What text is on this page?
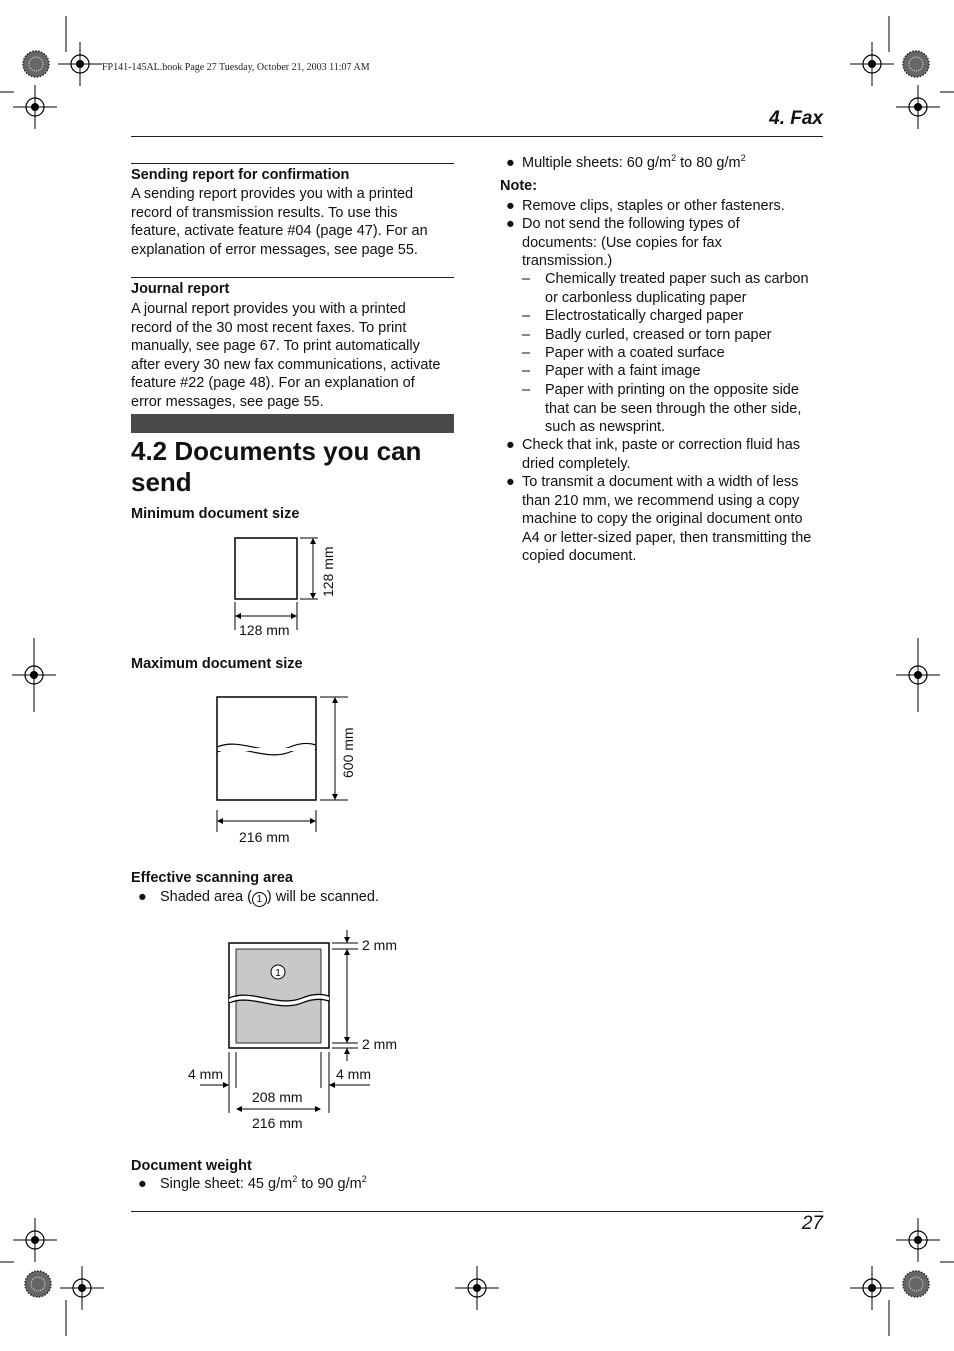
FP141-145AL.book Page 27 Tuesday, October 21, 2003 11:07 AM
4. Fax
Sending report for confirmation
A sending report provides you with a printed
record of transmission results. To use this
feature, activate feature #04 (page 47). For an
explanation of error messages, see page 55.
Journal report
A journal report provides you with a printed
record of the 30 most recent faxes. To print
manually, see page 67. To print automatically
after every 30 new fax communications, activate
feature #22 (page 48). For an explanation of
error messages, see page 55.
4.2 Documents you can
send
Minimum document size
128 mm
128 mm
Maximum document size
216 mm
600 mm
Effective scanning area
● Shaded area ( 1 ) will be scanned.
1
2 mm
2 mm
4 mm	4 mm
208 mm
216 mm
Document weight
● Single sheet: 45 $g/m^2$ to 90 $g/m^2$
● Multiple sheets: 60 $g/m^2$ to 80 $g/m^2$
Note:
● Remove clips, staples or other fasteners.
● Do not send the following types of
documents: (Use copies for fax
transmission.)
– Chemically treated paper such as carbon
or carbonless duplicating paper
– Electrostatically charged paper
– Badly curled, creased or torn paper
– Paper with a coated surface
– Paper with a faint image
– Paper with printing on the opposite side
that can be seen through the other side,
such as newsprint.
● Check that ink, paste or correction fluid has
dried completely.
● To transmit a document with a width of less
than 210 mm, we recommend using a copy
machine to copy the original document onto
A4 or letter-sized paper, then transmitting the
copied document.
27
